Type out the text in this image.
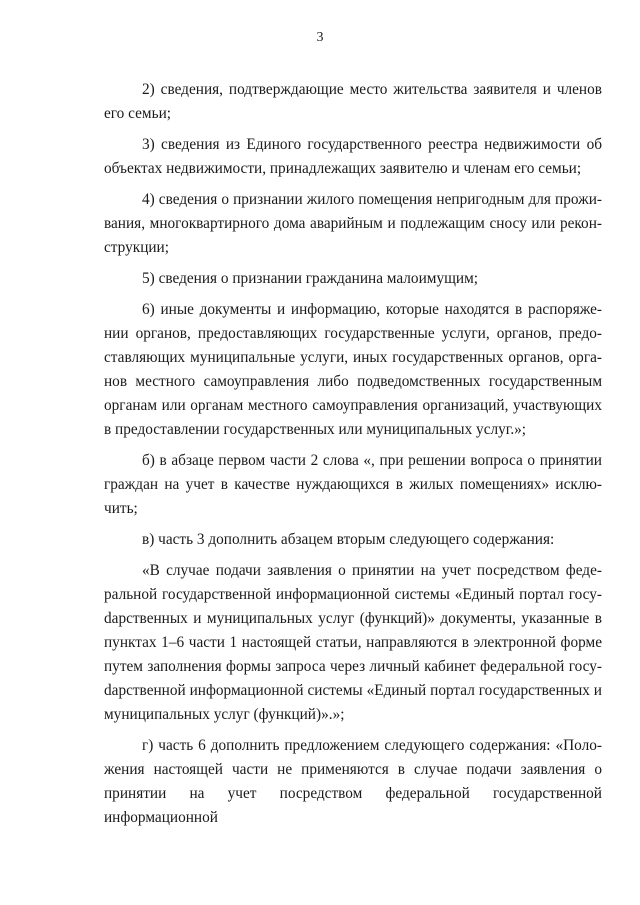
3

2) сведения, подтверждающие место жительства заявителя и членов его семьи;

3) сведения из Единого государственного реестра недвижимости об объектах недвижимости, принадлежащих заявителю и членам его семьи;

4) сведения о признании жилого помещения непригодным для проживания, многоквартирного дома аварийным и подлежащим сносу или реконструкции;

5) сведения о признании гражданина малоимущим;

6) иные документы и информацию, которые находятся в распоряжении органов, предоставляющих государственные услуги, органов, предоставляющих муниципальные услуги, иных государственных органов, органов местного самоуправления либо подведомственных государственным органам или органам местного самоуправления организаций, участвующих в предоставлении государственных или муниципальных услуг.»;

б) в абзаце первом части 2 слова «, при решении вопроса о принятии граждан на учет в качестве нуждающихся в жилых помещениях» исключить;

в) часть 3 дополнить абзацем вторым следующего содержания:

«В случае подачи заявления о принятии на учет посредством федеральной государственной информационной системы «Единый портал госуdарственных и муниципальных услуг (функций)» документы, указанные в пунктах 1–6 части 1 настоящей статьи, направляются в электронной форме путем заполнения формы запроса через личный кабинет федеральной госуdарственной информационной системы «Единый портал государственных и муниципальных услуг (функций)».»;

г) часть 6 дополнить предложением следующего содержания: «Положения настоящей части не применяются в случае подачи заявления о принятии на учет посредством федеральной государственной информационной
